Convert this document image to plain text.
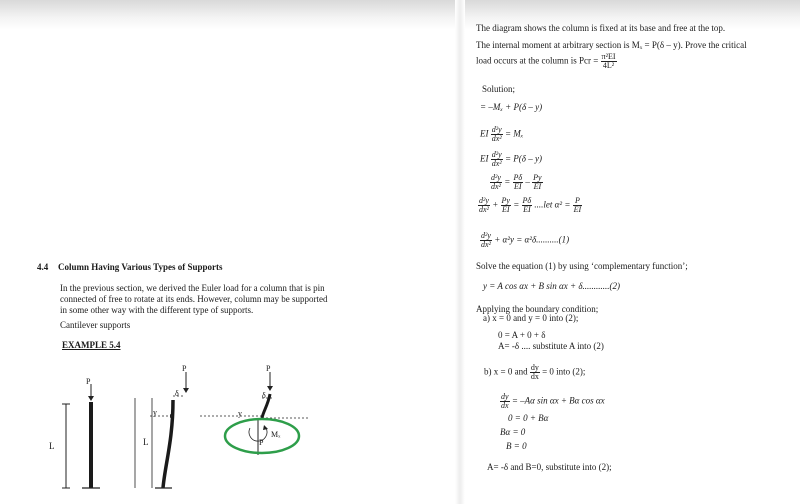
4.4 Column Having Various Types of Supports
In the previous section, we derived the Euler load for a column that is pin
connected of free to rotate at its ends. However, column may be supported
in some other way with the different type of supports.
Cantilever supports
EXAMPLE 5.4
L
P
L
P
δ
y
P
δ
y
Mₓ
P
The diagram shows the column is fixed at its base and free at the top.
The internal moment at arbitrary section is Mₓ = P(δ – y). Prove the critical
load occurs at the column is Pcr = $\frac{\text{π²EI}}{\text{4L²}}$
Solution;
= –Mₓ + P(δ – y)
EI $\frac{\text{d²y}}{\text{dx²}} = M_x$
EI $\frac{\text{d²y}}{\text{dx²}} = P(\delta - y)$
$\frac{\text{d²y}}{\text{dx²}} = \frac{P\delta}{EI} - \frac{Py}{EI}$
$\frac{\text{d²y}}{\text{dx²}} + \frac{Py}{EI} = \frac{P\delta}{EI} ....let$ $\alpha^2 = \frac{P}{EI}$
$\frac{\text{d²y}}{\text{dx²}} + \alpha^2y = \alpha^2\delta..........(1)$
Solve the equation (1) by using ‘complementary function’;
y = A cos αx + B sin αx + δ............(2)
Applying the boundary condition;
a) x = 0 and y = 0 into (2);
0 = A + 0 + δ
A= -δ .... substitute A into (2)
b) x = 0 and $\frac{dy}{dx} = 0$ into (2);
$\frac{dy}{dx} = -A\alpha$ sin αx + Bα cos αx
0 = 0 + Bα
Bα = 0
B = 0
A= -δ and B=0, substitute into (2);
